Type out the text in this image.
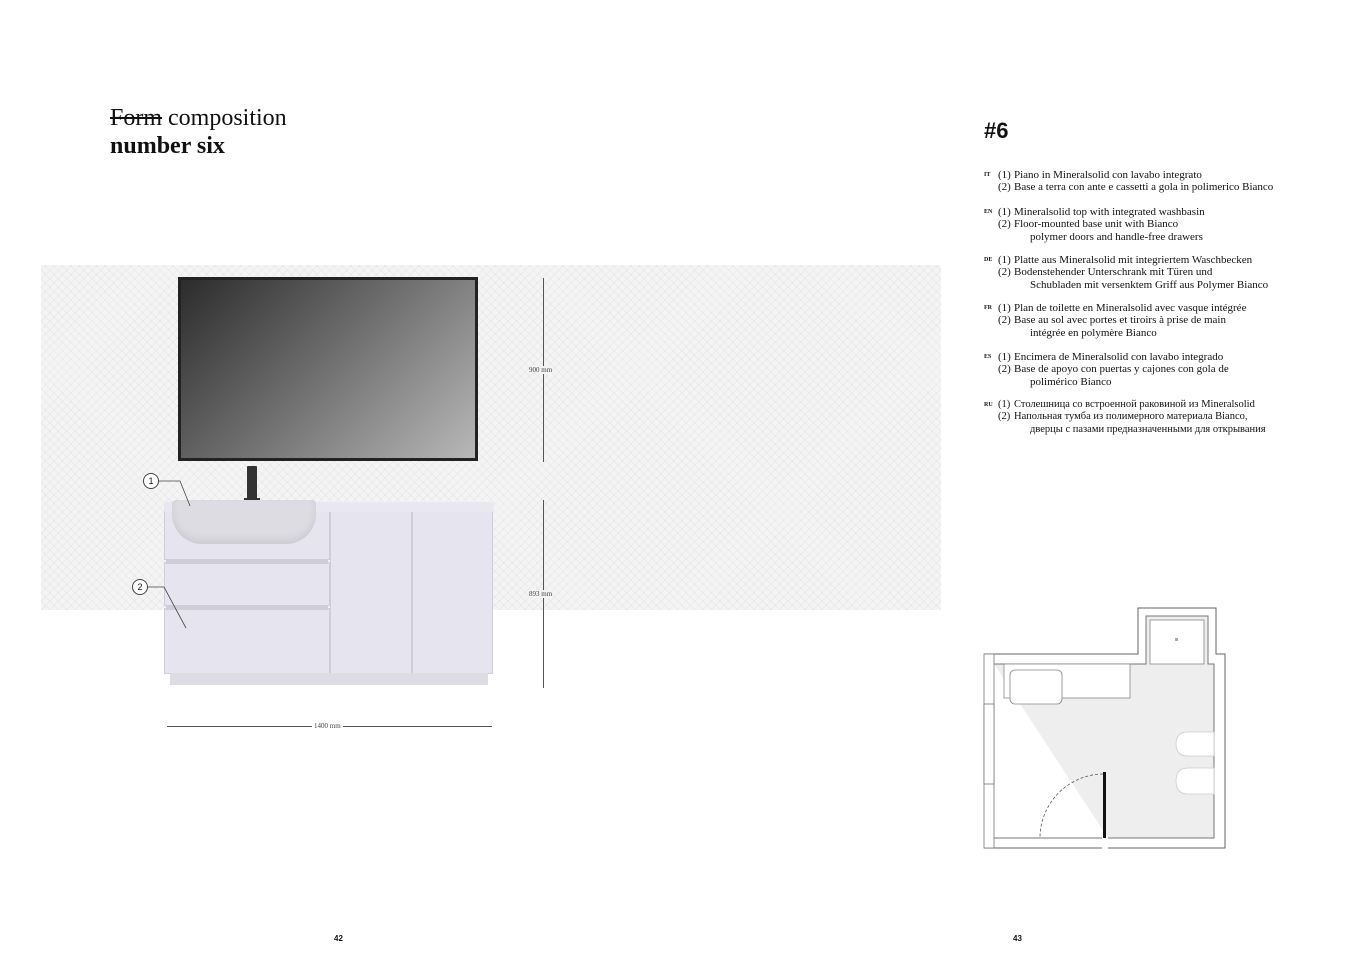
Form composition
number six
900 mm
893 mm
1400 mm
1
2
42
#6
IT (1) Piano in Mineralsolid con lavabo integrato
(2) Base a terra con ante e cassetti a gola in polimerico Bianco
EN (1) Mineralsolid top with integrated washbasin
(2) Floor-mounted base unit with Bianco
polymer doors and handle-free drawers
DE (1) Platte aus Mineralsolid mit integriertem Waschbecken
(2) Bodenstehender Unterschrank mit Türen und
Schubladen mit versenktem Griff aus Polymer Bianco
FR (1) Plan de toilette en Mineralsolid avec vasque intégrée
(2) Base au sol avec portes et tiroirs à prise de main
intégrée en polymère Bianco
ES (1) Encimera de Mineralsolid con lavabo integrado
(2) Base de apoyo con puertas y cajones con gola de
polimérico Bianco
RU (1) Столешница со встроенной раковиной из Mineralsolid
(2) Напольная тумба из полимерного материала Bianco,
дверцы с пазами предназначенными для открывания
43
